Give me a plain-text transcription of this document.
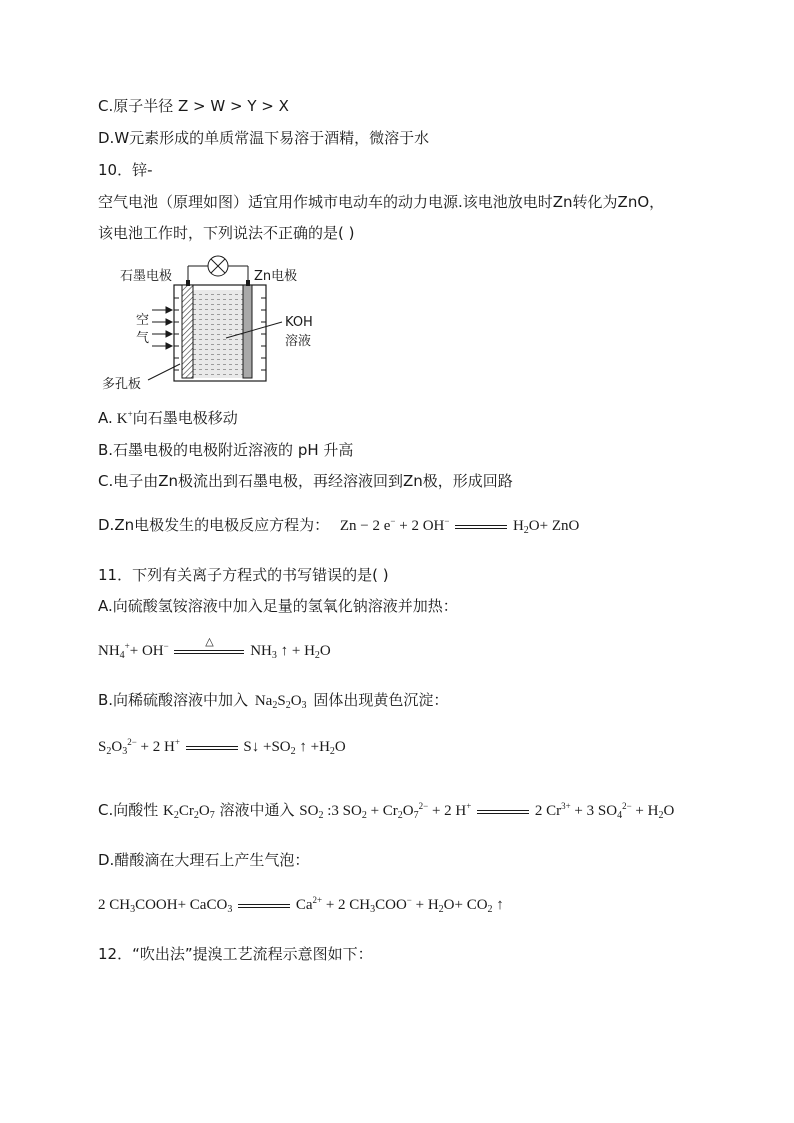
C.原子半径 Z > W > Y > X
D.W元素形成的单质常温下易溶于酒精，微溶于水
10．锌-
空气电池（原理如图）适宜用作城市电动车的动力电源.该电池放电时Zn转化为ZnO，
该电池工作时，下列说法不正确的是( )
石墨电极	Zn电极
空
气
KOH
溶液
多孔板
A. K+向石墨电极移动
B.石墨电极的电极附近溶液的 pH 升高
C.电子由Zn极流出到石墨电极，再经溶液回到Zn极，形成回路
D.Zn电极发生的电极反应方程为： Zn − 2 e− + 2 OH−	$H_2O+$ ZnO
11．下列有关离子方程式的书写错误的是( )
A.向硫酸氢铵溶液中加入足量的氢氧化钠溶液并加热：
$NH_4^++ OH^-$	△
$NH_3$ ↑ + $H_2O$
B.向稀硫酸溶液中加入 $Na_2S_2O_3$ 固体出现黄色沉淀：
$S_2O_3^{2-} + 2$ H+	S↓ $+SO_2$ ↑ $+H_2O$
C.向酸性 $K_2Cr_2O_7$ 溶液中通入 $SO_2$ :3 $SO_2 + Cr_2O_7^{2-} + 2$ H+	2 $Cr^{3+} + 3$ $SO_4^{2-} + H_2O$
D.醋酸滴在大理石上产生气泡：
2 $CH_3COOH+$ CaCO$_3$	$Ca^{2+} + 2$ $CH_3COO^- + H_2O+ CO_2$ ↑
12．“吹出法”提溴工艺流程示意图如下：
